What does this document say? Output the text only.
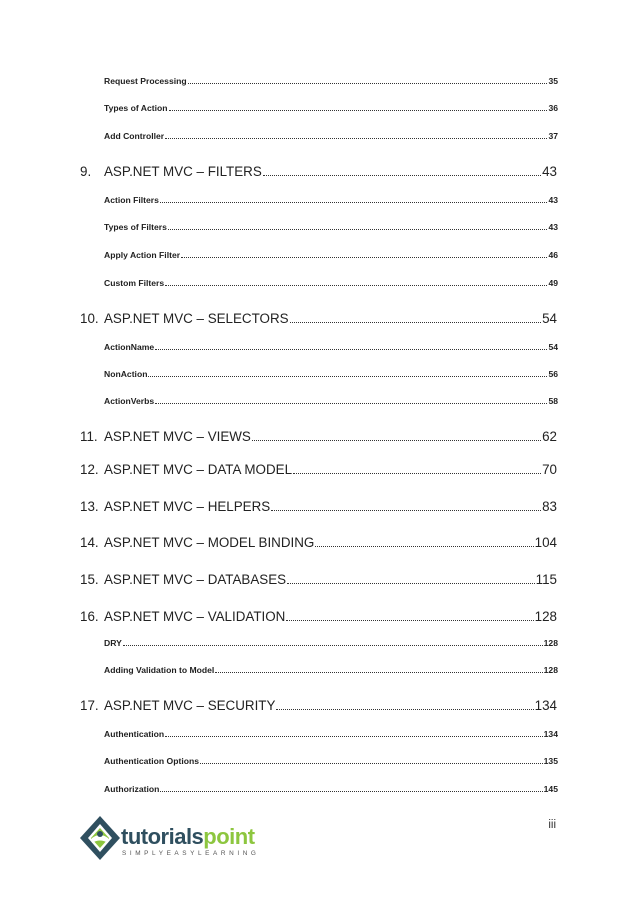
Request Processing	35
Types of Action	36
Add Controller	37
9. ASP.NET MVC – FILTERS	43
Action Filters	43
Types of Filters	43
Apply Action Filter	46
Custom Filters	49
10. ASP.NET MVC – SELECTORS	54
ActionName	54
NonAction	56
ActionVerbs	58
11. ASP.NET MVC – VIEWS	62
12. ASP.NET MVC – DATA MODEL	70
13. ASP.NET MVC – HELPERS	83
14. ASP.NET MVC – MODEL BINDING	104
15. ASP.NET MVC – DATABASES	115
16. ASP.NET MVC – VALIDATION	128
DRY	128
Adding Validation to Model	128
17. ASP.NET MVC – SECURITY	134
Authentication	134
Authentication Options	135
Authorization	145
iii
tutorialspoint
SIMPLYEASYLEARNING
